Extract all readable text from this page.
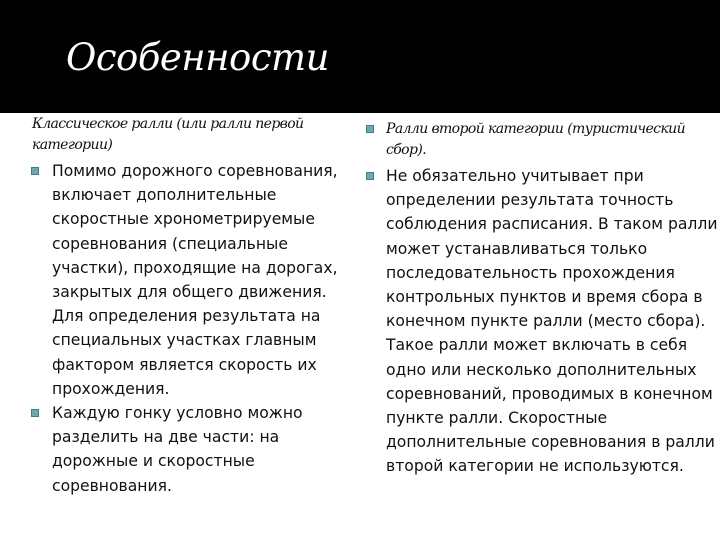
Особенности
Классическое ралли (или ралли первой
категории)
Помимо дорожного соревнования, включает дополнительные скоростные хронометрируемые соревнования (специальные участки), проходящие на дорогах, закрытых для общего движения. Для определения результата на специальных участках главным фактором является скорость их прохождения.
Каждую гонку условно можно разделить на две части: на дорожные и скоростные соревнования.
Ралли второй категории (туристический сбор).
Не обязательно учитывает при определении результата точность соблюдения расписания. В таком ралли может устанавливаться только последовательность прохождения контрольных пунктов и время сбора в конечном пункте ралли (место сбора). Такое ралли может включать в себя одно или несколько дополнительных соревнований, проводимых в конечном пункте ралли. Скоростные дополнительные соревнования в ралли второй категории не используются.
